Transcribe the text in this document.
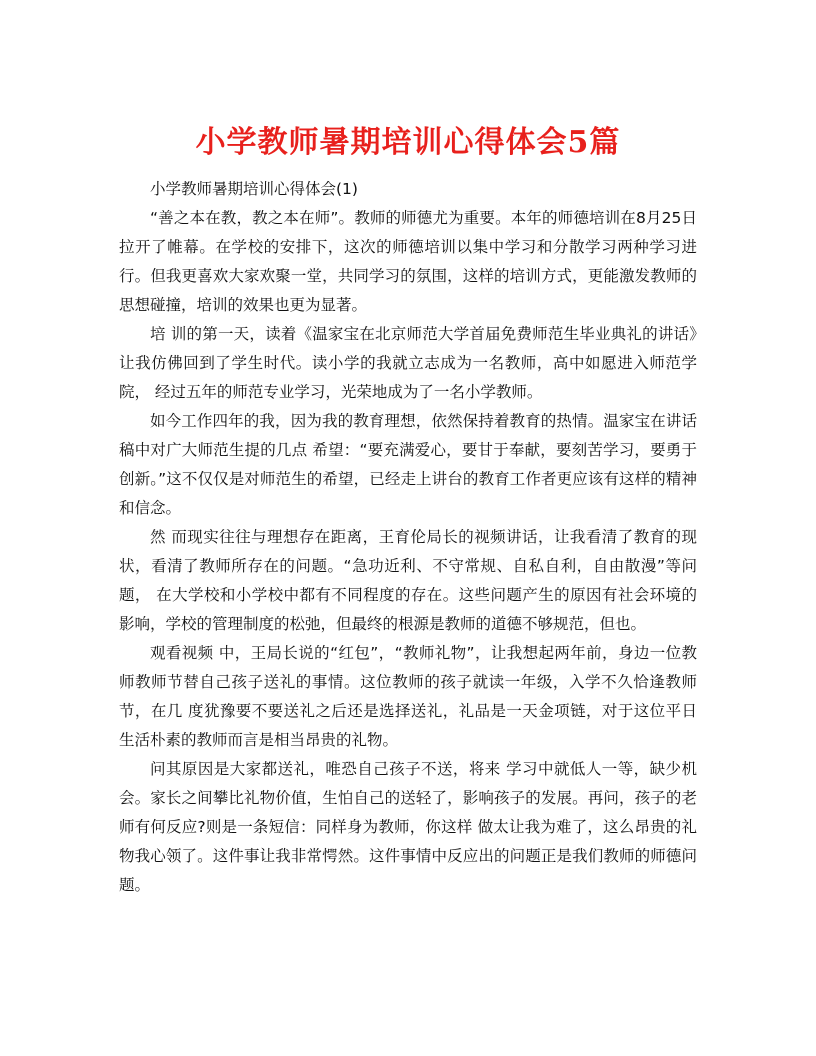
小学教师暑期培训心得体会5篇

小学教师暑期培训心得体会(1)

“善之本在教，教之本在师”。教师的师德尤为重要。本年的师德培训在8月25日拉开了帷幕。在学校的安排下，这次的师德培训以集中学习和分散学习两种学习进行。但我更喜欢大家欢聚一堂，共同学习的氛围，这样的培训方式，更能激发教师的思想碰撞，培训的效果也更为显著。

培 训的第一天，读着《温家宝在北京师范大学首届免费师范生毕业典礼的讲话》让我仿佛回到了学生时代。读小学的我就立志成为一名教师，高中如愿进入师范学院， 经过五年的师范专业学习，光荣地成为了一名小学教师。

如今工作四年的我，因为我的教育理想，依然保持着教育的热情。温家宝在讲话稿中对广大师范生提的几点 希望：“要充满爱心，要甘于奉献，要刻苦学习，要勇于创新。”这不仅仅是对师范生的希望，已经走上讲台的教育工作者更应该有这样的精神和信念。

然 而现实往往与理想存在距离，王育伦局长的视频讲话，让我看清了教育的现状，看清了教师所存在的问题。“急功近利、不守常规、自私自利，自由散漫”等问题， 在大学校和小学校中都有不同程度的存在。这些问题产生的原因有社会环境的影响，学校的管理制度的松弛，但最终的根源是教师的道德不够规范，但也。

观看视频 中，王局长说的“红包”，“教师礼物”，让我想起两年前，身边一位教师教师节替自己孩子送礼的事情。这位教师的孩子就读一年级，入学不久恰逢教师节，在几 度犹豫要不要送礼之后还是选择送礼，礼品是一天金项链，对于这位平日生活朴素的教师而言是相当昂贵的礼物。

问其原因是大家都送礼，唯恐自己孩子不送，将来 学习中就低人一等，缺少机会。家长之间攀比礼物价值，生怕自己的送轻了，影响孩子的发展。再问，孩子的老师有何反应?则是一条短信：同样身为教师，你这样 做太让我为难了，这么昂贵的礼物我心领了。这件事让我非常愕然。这件事情中反应出的问题正是我们教师的师德问题。
